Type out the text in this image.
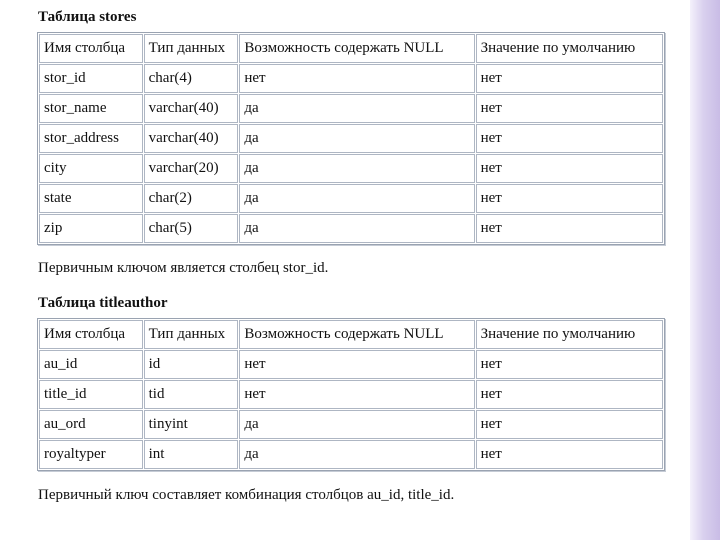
Таблица stores
Имя столбца	Тип данных	Возможность содержать NULL	Значение по умолчанию
stor_id	char(4)	нет	нет
stor_name	varchar(40)	да	нет
stor_address	varchar(40)	да	нет
city	varchar(20)	да	нет
state	char(2)	да	нет
zip	char(5)	да	нет

Первичным ключом является столбец stor_id.

Таблица titleauthor
Имя столбца	Тип данных	Возможность содержать NULL	Значение по умолчанию
au_id	id	нет	нет
title_id	tid	нет	нет
au_ord	tinyint	да	нет
royaltyper	int	да	нет

Первичный ключ составляет комбинация столбцов au_id, title_id.
